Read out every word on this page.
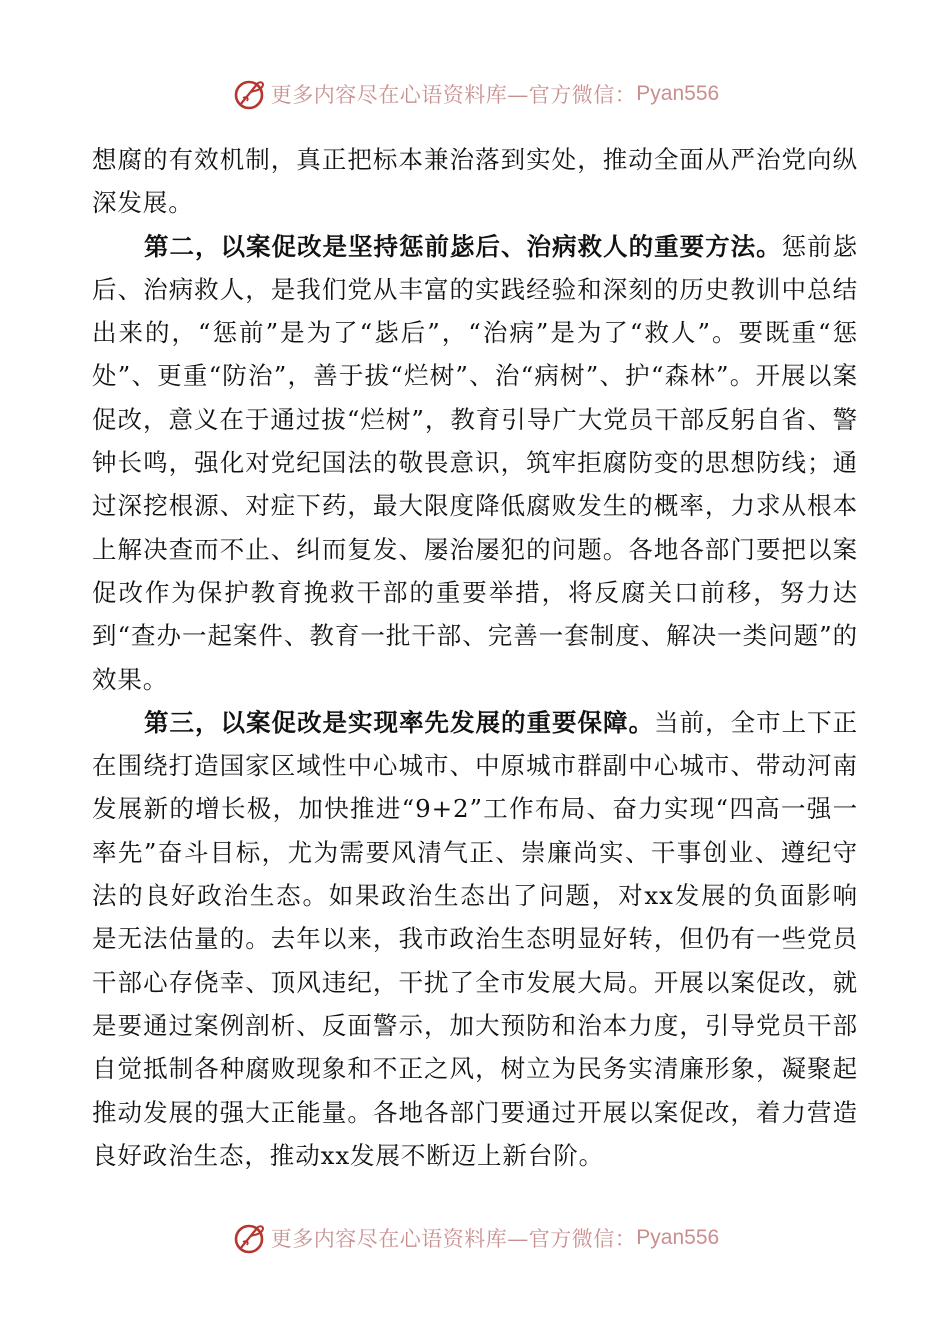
更多内容尽在心语资料库—官方微信： Pyan556

想腐的有效机制，真正把标本兼治落到实处，推动全面从严治党向纵深发展。

第二，以案促改是坚持惩前毖后、治病救人的重要方法。惩前毖后、治病救人，是我们党从丰富的实践经验和深刻的历史教训中总结出来的，“惩前”是为了“毖后”，“治病”是为了“救人”。要既重“惩处”、更重“防治”，善于拔“烂树”、治“病树”、护“森林”。开展以案促改，意义在于通过拔“烂树”，教育引导广大党员干部反躬自省、警钟长鸣，强化对党纪国法的敬畏意识，筑牢拒腐防变的思想防线；通过深挖根源、对症下药，最大限度降低腐败发生的概率，力求从根本上解决查而不止、纠而复发、屡治屡犯的问题。各地各部门要把以案促改作为保护教育挽救干部的重要举措，将反腐关口前移，努力达到“查办一起案件、教育一批干部、完善一套制度、解决一类问题”的效果。

第三，以案促改是实现率先发展的重要保障。当前，全市上下正在围绕打造国家区域性中心城市、中原城市群副中心城市、带动河南发展新的增长极，加快推进“9+2”工作布局、奋力实现“四高一强一率先”奋斗目标，尤为需要风清气正、崇廉尚实、干事创业、遵纪守法的良好政治生态。如果政治生态出了问题，对xx发展的负面影响是无法估量的。去年以来，我市政治生态明显好转，但仍有一些党员干部心存侥幸、顶风违纪，干扰了全市发展大局。开展以案促改，就是要通过案例剖析、反面警示，加大预防和治本力度，引导党员干部自觉抵制各种腐败现象和不正之风，树立为民务实清廉形象，凝聚起推动发展的强大正能量。各地各部门要通过开展以案促改，着力营造良好政治生态，推动xx发展不断迈上新台阶。

更多内容尽在心语资料库—官方微信： Pyan556
